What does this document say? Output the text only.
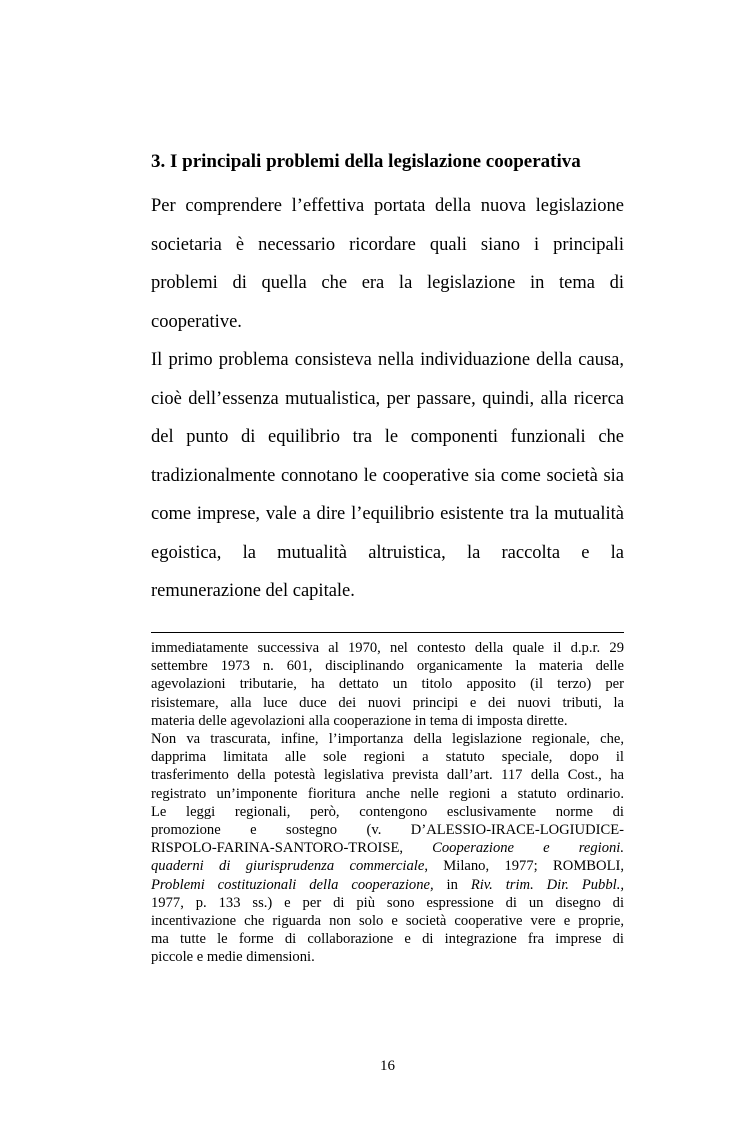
3. I principali problemi della legislazione cooperativa

Per comprendere l’effettiva portata della nuova legislazione
societaria è necessario ricordare quali siano i principali
problemi di quella che era la legislazione in tema di
cooperative.

Il primo problema consisteva nella individuazione della causa,
cioè dell’essenza mutualistica, per passare, quindi, alla ricerca
del punto di equilibrio tra le componenti funzionali che
tradizionalmente connotano le cooperative sia come società sia
come imprese, vale a dire l’equilibrio esistente tra la mutualità
egoistica, la mutualità altruistica, la raccolta e la
remunerazione del capitale.

immediatamente successiva al 1970, nel contesto della quale il d.p.r. 29
settembre 1973 n. 601, disciplinando organicamente la materia delle
agevolazioni tributarie, ha dettato un titolo apposito (il terzo) per
risistemare, alla luce duce dei nuovi principi e dei nuovi tributi, la
materia delle agevolazioni alla cooperazione in tema di imposta dirette.

Non va trascurata, infine, l’importanza della legislazione regionale, che,
dapprima limitata alle sole regioni a statuto speciale, dopo il
trasferimento della potestà legislativa prevista dall’art. 117 della Cost., ha
registrato un’imponente fioritura anche nelle regioni a statuto ordinario.
Le leggi regionali, però, contengono esclusivamente norme di
promozione e sostegno (v. D’ALESSIO-IRACE-LOGIUDICE-
RISPOLO-FARINA-SANTORO-TROISE, Cooperazione e regioni.
quaderni di giurisprudenza commerciale, Milano, 1977; ROMBOLI,
Problemi costituzionali della cooperazione, in Riv. trim. Dir. Pubbl.,
1977, p. 133 ss.) e per di più sono espressione di un disegno di
incentivazione che riguarda non solo e società cooperative vere e proprie,
ma tutte le forme di collaborazione e di integrazione fra imprese di
piccole e medie dimensioni.

16
